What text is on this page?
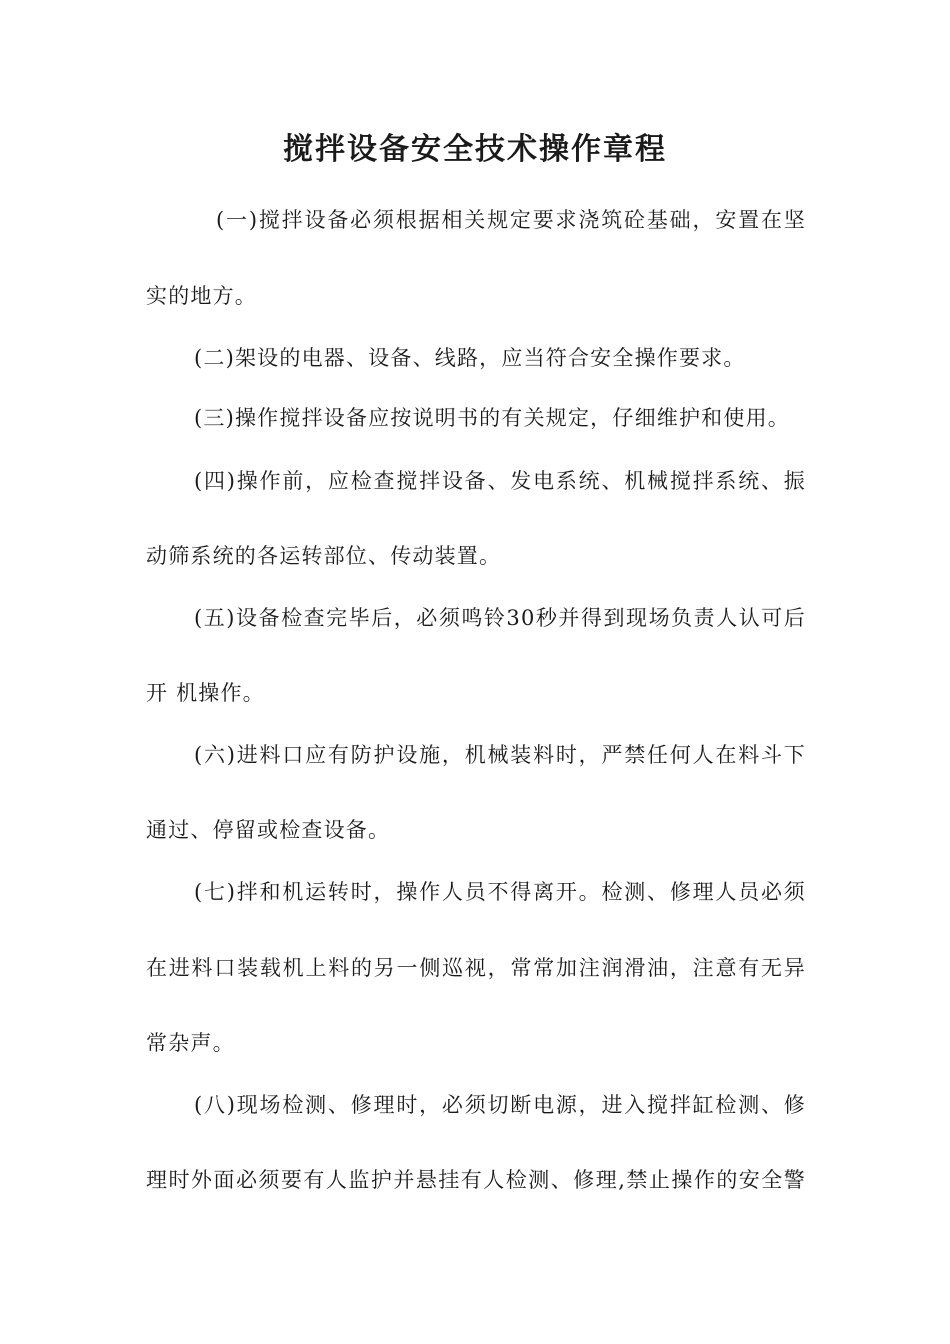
搅拌设备安全技术操作章程
(一)搅拌设备必须根据相关规定要求浇筑砼基础，安置在坚
实的地方。
(二)架设的电器、设备、线路，应当符合安全操作要求。
(三)操作搅拌设备应按说明书的有关规定，仔细维护和使用。
(四)操作前，应检查搅拌设备、发电系统、机械搅拌系统、振
动筛系统的各运转部位、传动装置。
(五)设备检查完毕后，必须鸣铃30秒并得到现场负责人认可后
开 机操作。
(六)进料口应有防护设施，机械装料时，严禁任何人在料斗下
通过、停留或检查设备。
(七)拌和机运转时，操作人员不得离开。检测、修理人员必须
在进料口装载机上料的另一侧巡视，常常加注润滑油，注意有无异
常杂声。
(八)现场检测、修理时，必须切断电源，进入搅拌缸检测、修
理时外面必须要有人监护并悬挂有人检测、修理,禁止操作的安全警
